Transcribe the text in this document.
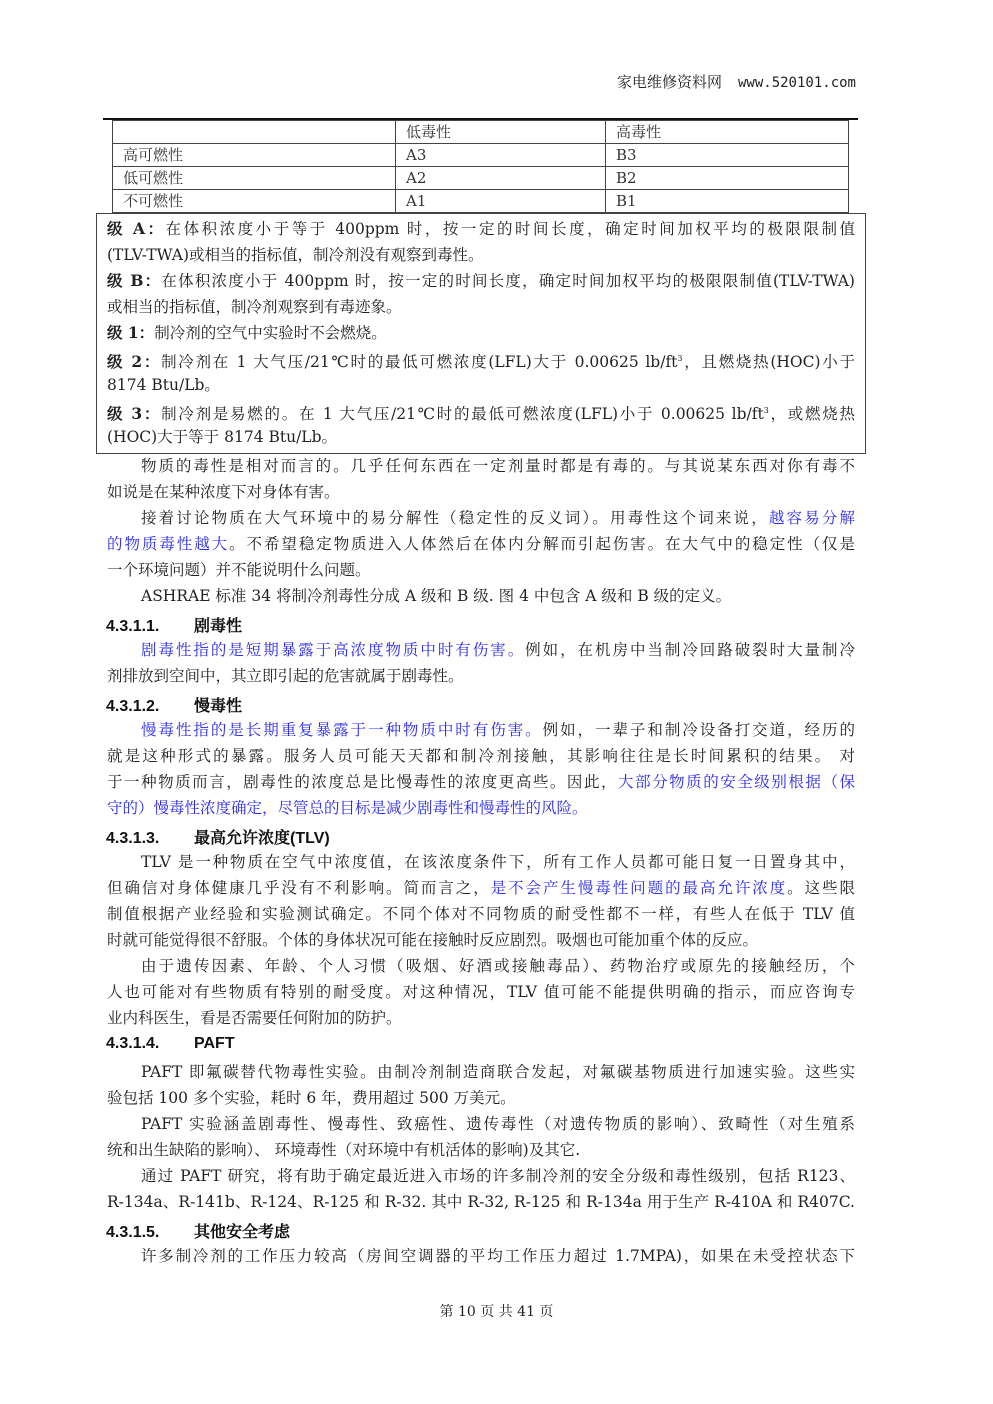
家电维修资料网 www.520101.com
	低毒性	高毒性
高可燃性	A3	B3
低可燃性	A2	B2
不可燃性	A1	B1
级 A：在体积浓度小于等于 400ppm 时，按一定的时间长度，确定时间加权平均的极限限制值
(TLV-TWA)或相当的指标值，制冷剂没有观察到毒性。
级 B：在体积浓度小于 400ppm 时，按一定的时间长度，确定时间加权平均的极限限制值(TLV-TWA)
或相当的指标值，制冷剂观察到有毒迹象。
级 1：制冷剂的空气中实验时不会燃烧。
级 2：制冷剂在 1 大气压/21℃时的最低可燃浓度(LFL)大于 0.00625 $lb/ft^3$，且燃烧热(HOC)小于
8174 Btu/Lb。
级 3：制冷剂是易燃的。在 1 大气压/21℃时的最低可燃浓度(LFL)小于 0.00625 $lb/ft^3$，或燃烧热
(HOC)大于等于 8174 Btu/Lb。
物质的毒性是相对而言的。几乎任何东西在一定剂量时都是有毒的。与其说某东西对你有毒不
如说是在某种浓度下对身体有害。
接着讨论物质在大气环境中的易分解性（稳定性的反义词）。用毒性这个词来说，越容易分解
的物质毒性越大。不希望稳定物质进入人体然后在体内分解而引起伤害。在大气中的稳定性（仅是
一个环境问题）并不能说明什么问题。
ASHRAE 标准 34 将制冷剂毒性分成 A 级和 B 级. 图 4 中包含 A 级和 B 级的定义。
4.3.1.1. 剧毒性
剧毒性指的是短期暴露于高浓度物质中时有伤害。例如，在机房中当制冷回路破裂时大量制冷
剂排放到空间中，其立即引起的危害就属于剧毒性。
4.3.1.2. 慢毒性
慢毒性指的是长期重复暴露于一种物质中时有伤害。例如，一辈子和制冷设备打交道，经历的
就是这种形式的暴露。服务人员可能天天都和制冷剂接触，其影响往往是长时间累积的结果。 对
于一种物质而言，剧毒性的浓度总是比慢毒性的浓度更高些。因此，大部分物质的安全级别根据（保
守的）慢毒性浓度确定，尽管总的目标是减少剧毒性和慢毒性的风险。
4.3.1.3. 最高允许浓度(TLV)
TLV 是一种物质在空气中浓度值，在该浓度条件下，所有工作人员都可能日复一日置身其中，
但确信对身体健康几乎没有不利影响。简而言之，是不会产生慢毒性问题的最高允许浓度。这些限
制值根据产业经验和实验测试确定。不同个体对不同物质的耐受性都不一样，有些人在低于 TLV 值
时就可能觉得很不舒服。个体的身体状况可能在接触时反应剧烈。吸烟也可能加重个体的反应。
由于遗传因素、年龄、个人习惯（吸烟、好酒或接触毒品）、药物治疗或原先的接触经历，个
人也可能对有些物质有特别的耐受度。对这种情况，TLV 值可能不能提供明确的指示，而应咨询专
业内科医生，看是否需要任何附加的防护。
4.3.1.4. PAFT
PAFT 即氟碳替代物毒性实验。由制冷剂制造商联合发起，对氟碳基物质进行加速实验。这些实
验包括 100 多个实验，耗时 6 年，费用超过 500 万美元。
PAFT 实验涵盖剧毒性、慢毒性、致癌性、遗传毒性（对遗传物质的影响）、致畸性（对生殖系
统和出生缺陷的影响）、 环境毒性（对环境中有机活体的影响)及其它.
通过 PAFT 研究，将有助于确定最近进入市场的许多制冷剂的安全分级和毒性级别，包括 R123、
R-134a、R-141b、R-124、R-125 和 R-32. 其中 R-32, R-125 和 R-134a 用于生产 R-410A 和 R407C.
4.3.1.5. 其他安全考虑
许多制冷剂的工作压力较高（房间空调器的平均工作压力超过 1.7MPA)，如果在未受控状态下
第 10 页 共 41 页
